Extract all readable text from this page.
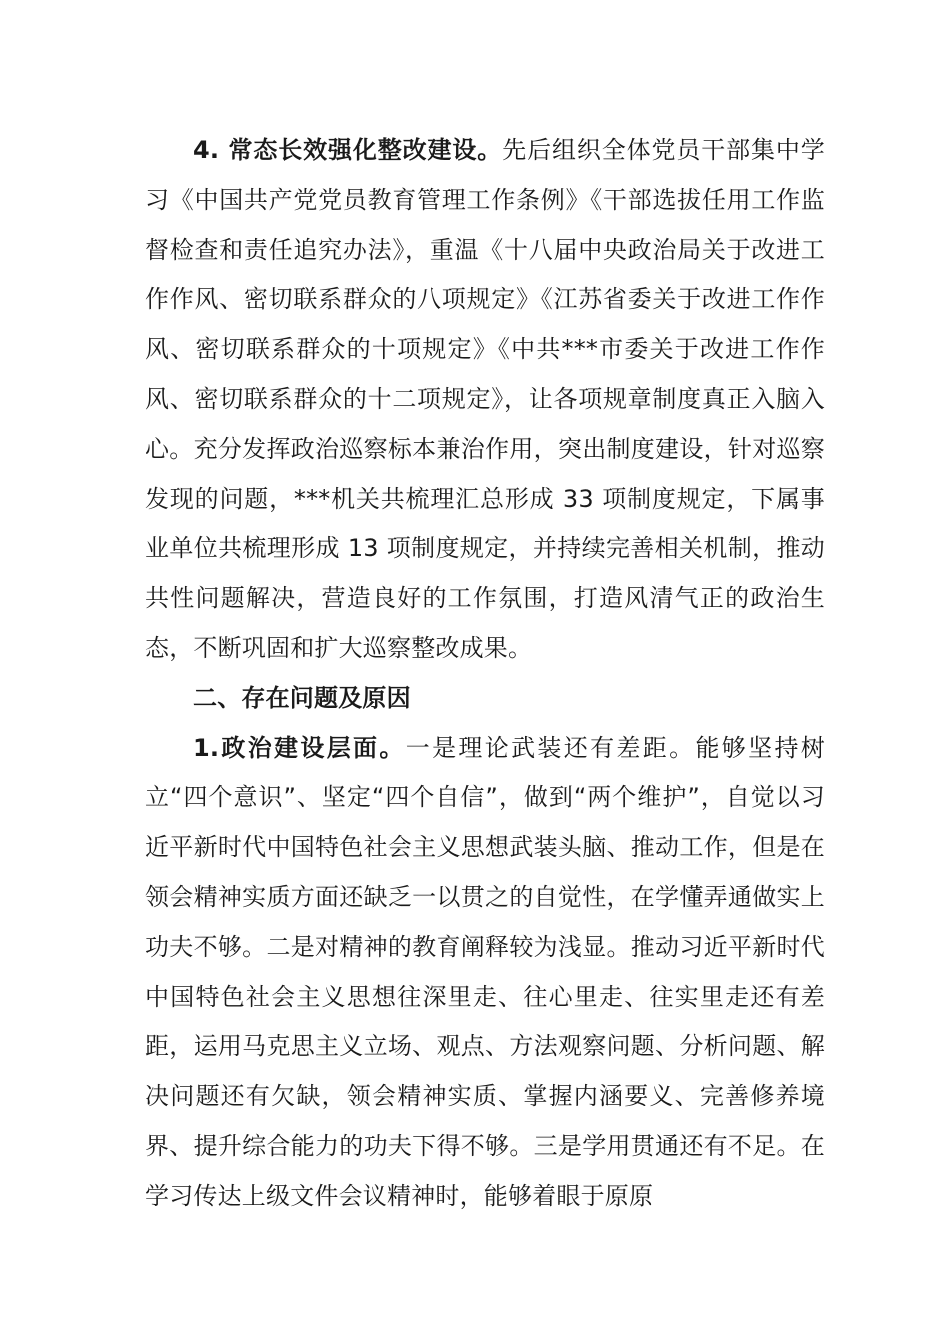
4. 常态长效强化整改建设。先后组织全体党员干部集中学习《中国共产党党员教育管理工作条例》《干部选拔任用工作监督检查和责任追究办法》，重温《十八届中央政治局关于改进工作作风、密切联系群众的八项规定》《江苏省委关于改进工作作风、密切联系群众的十项规定》《中共***市委关于改进工作作风、密切联系群众的十二项规定》，让各项规章制度真正入脑入心。充分发挥政治巡察标本兼治作用，突出制度建设，针对巡察发现的问题，***机关共梳理汇总形成 33 项制度规定，下属事业单位共梳理形成 13 项制度规定，并持续完善相关机制，推动共性问题解决，营造良好的工作氛围，打造风清气正的政治生态，不断巩固和扩大巡察整改成果。

二、存在问题及原因

1.政治建设层面。一是理论武装还有差距。能够坚持树立“四个意识”、坚定“四个自信”，做到“两个维护”，自觉以习近平新时代中国特色社会主义思想武装头脑、推动工作，但是在领会精神实质方面还缺乏一以贯之的自觉性，在学懂弄通做实上功夫不够。二是对精神的教育阐释较为浅显。推动习近平新时代中国特色社会主义思想往深里走、往心里走、往实里走还有差距，运用马克思主义立场、观点、方法观察问题、分析问题、解决问题还有欠缺，领会精神实质、掌握内涵要义、完善修养境界、提升综合能力的功夫下得不够。三是学用贯通还有不足。在学习传达上级文件会议精神时，能够着眼于原原
